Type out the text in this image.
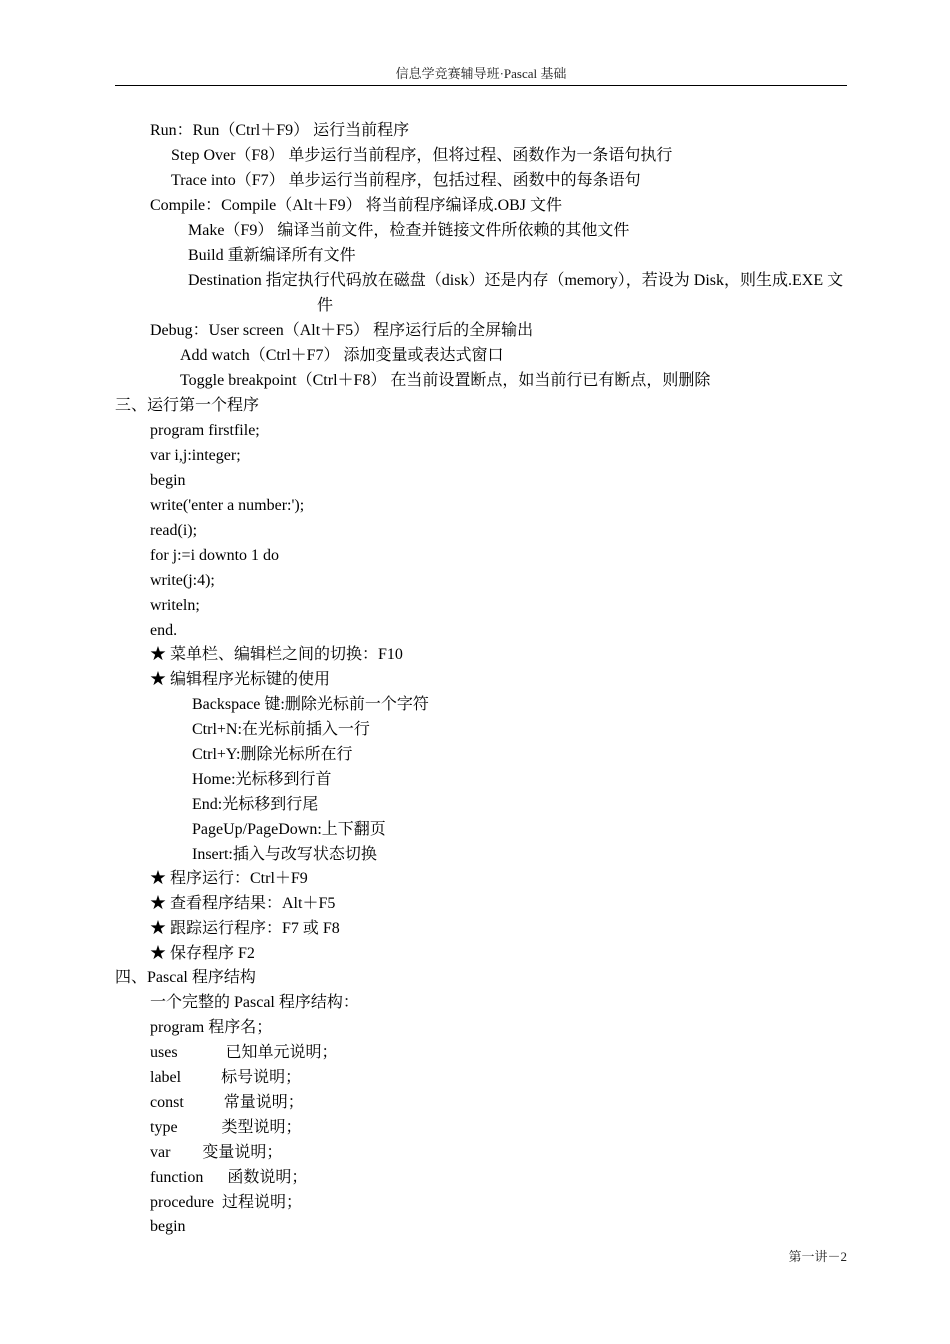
信息学竞赛辅导班·Pascal 基础
Run：Run（Ctrl＋F9） 运行当前程序
Step Over（F8） 单步运行当前程序，但将过程、函数作为一条语句执行
Trace into（F7） 单步运行当前程序，包括过程、函数中的每条语句
Compile：Compile（Alt＋F9） 将当前程序编译成.OBJ 文件
Make（F9） 编译当前文件，检查并链接文件所依赖的其他文件
Build 重新编译所有文件
Destination 指定执行代码放在磁盘（disk）还是内存（memory），若设为 Disk，则生成.EXE 文
件
Debug：User screen（Alt＋F5） 程序运行后的全屏输出
Add watch（Ctrl＋F7） 添加变量或表达式窗口
Toggle breakpoint（Ctrl＋F8） 在当前设置断点，如当前行已有断点，则删除
三、运行第一个程序
program firstfile;
var i,j:integer;
begin
write('enter a number:');
read(i);
for j:=i downto 1 do
write(j:4);
writeln;
end.
★ 菜单栏、编辑栏之间的切换：F10
★ 编辑程序光标键的使用
Backspace 键:删除光标前一个字符
Ctrl+N:在光标前插入一行
Ctrl+Y:删除光标所在行
Home:光标移到行首
End:光标移到行尾
PageUp/PageDown:上下翻页
Insert:插入与改写状态切换
★ 程序运行：Ctrl＋F9
★ 查看程序结果：Alt＋F5
★ 跟踪运行程序：F7 或 F8
★ 保存程序 F2
四、Pascal 程序结构
一个完整的 Pascal 程序结构：
program 程序名；
uses            已知单元说明；
label          标号说明；
const          常量说明；
type           类型说明；
var        变量说明；
function      函数说明；
procedure  过程说明；
begin
第一讲－2
